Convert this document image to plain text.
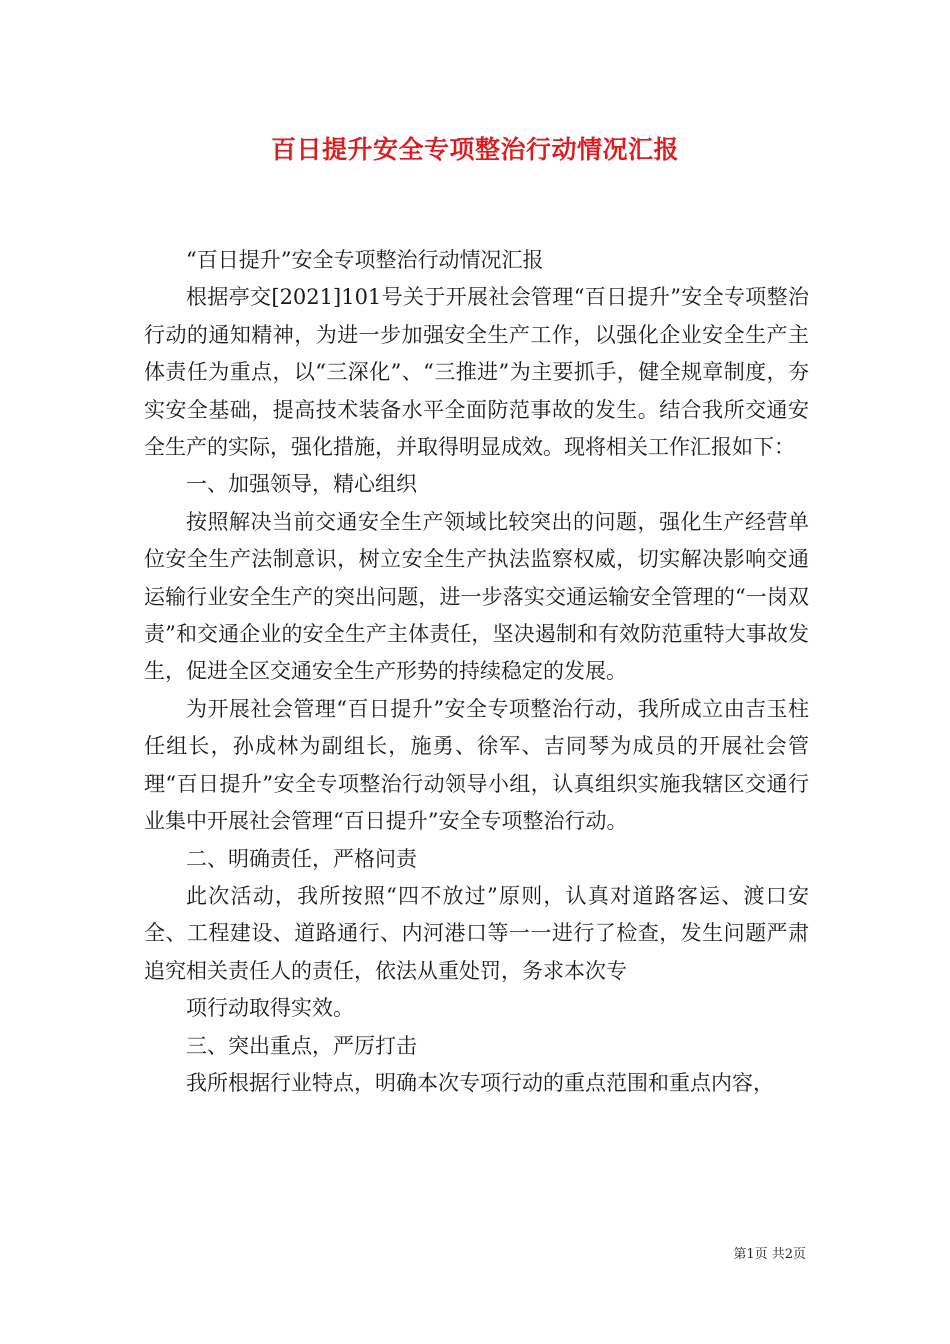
百日提升安全专项整治行动情况汇报

“百日提升”安全专项整治行动情况汇报

根据亭交[2021]101号关于开展社会管理“百日提升”安全专项整治行动的通知精神，为进一步加强安全生产工作，以强化企业安全生产主体责任为重点，以“三深化”、“三推进”为主要抓手，健全规章制度，夯实安全基础，提高技术装备水平全面防范事故的发生。结合我所交通安全生产的实际，强化措施，并取得明显成效。现将相关工作汇报如下：

一、加强领导，精心组织

按照解决当前交通安全生产领域比较突出的问题，强化生产经营单位安全生产法制意识，树立安全生产执法监察权威，切实解决影响交通运输行业安全生产的突出问题，进一步落实交通运输安全管理的“一岗双责”和交通企业的安全生产主体责任，坚决遏制和有效防范重特大事故发生，促进全区交通安全生产形势的持续稳定的发展。

为开展社会管理“百日提升”安全专项整治行动，我所成立由吉玉柱任组长，孙成林为副组长，施勇、徐军、吉同琴为成员的开展社会管理“百日提升”安全专项整治行动领导小组，认真组织实施我辖区交通行业集中开展社会管理“百日提升”安全专项整治行动。

二、明确责任，严格问责

此次活动，我所按照“四不放过”原则，认真对道路客运、渡口安全、工程建设、道路通行、内河港口等一一进行了检查，发生问题严肃追究相关责任人的责任，依法从重处罚，务求本次专

项行动取得实效。

三、突出重点，严厉打击

我所根据行业特点，明确本次专项行动的重点范围和重点内容，

第1页 共2页
